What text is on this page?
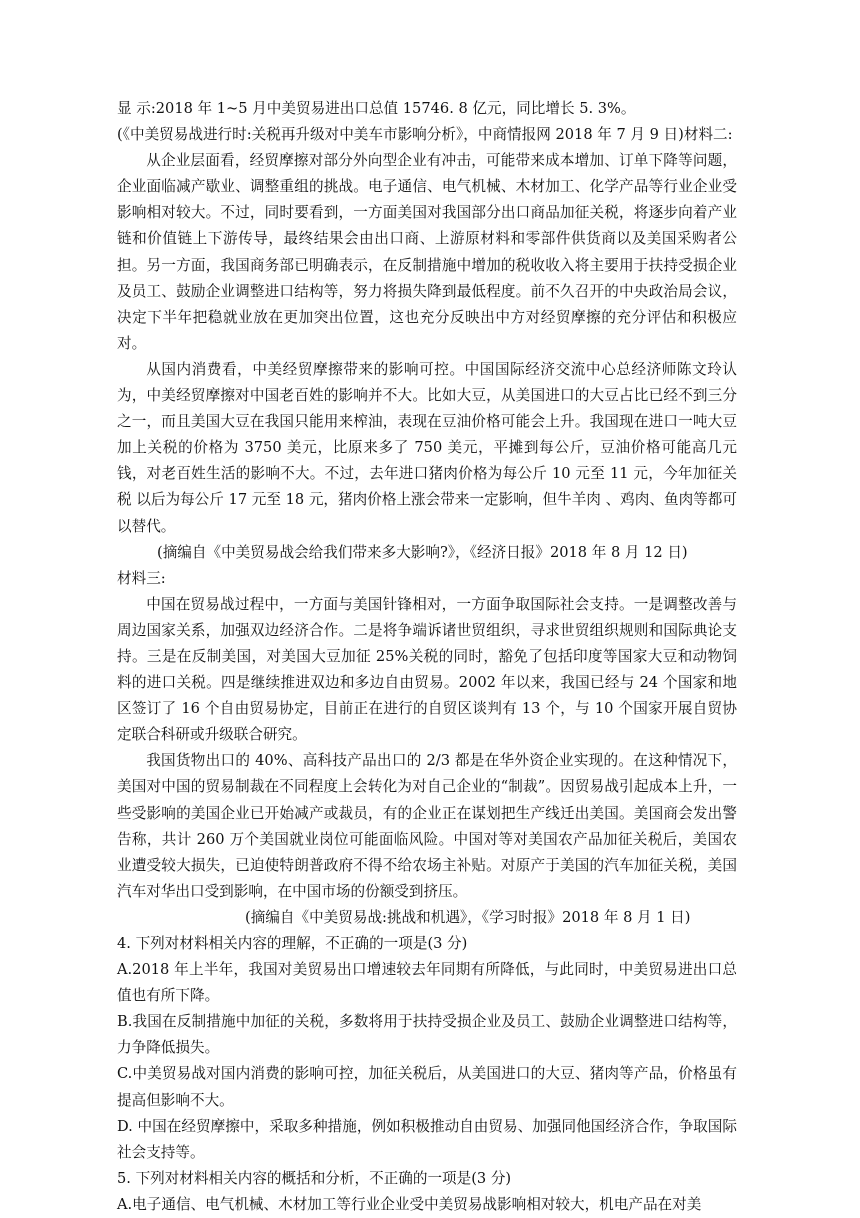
显 示:2018 年 1~5 月中美贸易进出口总值 15746. 8 亿元，同比增长 5. 3%。

(《中美贸易战进行时:关税再升级对中美车市影响分析》，中商情报网 2018 年 7 月 9 日)材料二:

从企业层面看，经贸摩擦对部分外向型企业有冲击，可能带来成本增加、订单下降等问题，企业面临减产歇业、调整重组的挑战。电子通信、电气机械、木材加工、化学产品等行业企业受影响相对较大。不过，同时要看到，一方面美国对我国部分出口商品加征关税，将逐步向着产业链和价值链上下游传导，最终结果会由出口商、上游原材料和零部件供货商以及美国采购者公担。另一方面，我国商务部已明确表示，在反制措施中增加的税收收入将主要用于扶持受损企业及员工、鼓励企业调整进口结构等，努力将损失降到最低程度。前不久召开的中央政治局会议，决定下半年把稳就业放在更加突出位置，这也充分反映出中方对经贸摩擦的充分评估和积极应对。

从国内消费看，中美经贸摩擦带来的影响可控。中国国际经济交流中心总经济师陈文玲认为，中美经贸摩擦对中国老百姓的影响并不大。比如大豆，从美国进口的大豆占比已经不到三分之一，而且美国大豆在我国只能用来榨油，表现在豆油价格可能会上升。我国现在进口一吨大豆加上关税的价格为 3750 美元，比原来多了 750 美元，平摊到每公斤，豆油价格可能高几元钱，对老百姓生活的影响不大。不过，去年进口猪肉价格为每公斤 10 元至 11 元，今年加征关税 以后为每公斤 17 元至 18 元，猪肉价格上涨会带来一定影响，但牛羊肉 、鸡肉、鱼肉等都可以替代。

(摘编自《中美贸易战会给我们带来多大影响?》，《经济日报》2018 年 8 月 12 日)

材料三:

中国在贸易战过程中，一方面与美国针锋相对，一方面争取国际社会支持。一是调整改善与周边国家关系，加强双边经济合作。二是将争端诉诸世贸组织，寻求世贸组织规则和国际典论支持。三是在反制美国，对美国大豆加征 25%关税的同时，豁免了包括印度等国家大豆和动物饲料的进口关税。四是继续推进双边和多边自由贸易。2002 年以来，我国已经与 24 个国家和地区签订了 16 个自由贸易协定，目前正在进行的自贸区谈判有 13 个，与 10 个国家开展自贸协定联合科研或升级联合研究。

我国货物出口的 40%、高科技产品出口的 2/3 都是在华外资企业实现的。在这种情况下，美国对中国的贸易制裁在不同程度上会转化为对自己企业的“制裁”。因贸易战引起成本上升，一些受影响的美国企业已开始减产或裁员，有的企业正在谋划把生产线迁出美国。美国商会发出警告称，共计 260 万个美国就业岗位可能面临风险。中国对等对美国农产品加征关税后，美国农业遭受较大损失，已迫使特朗普政府不得不给农场主补贴。对原产于美国的汽车加征关税，美国汽车对华出口受到影响，在中国市场的份额受到挤压。

(摘编自《中美贸易战:挑战和机遇》，《学习时报》2018 年 8 月 1 日)

4. 下列对材料相关内容的理解，不正确的一项是(3 分)

A.2018 年上半年，我国对美贸易出口增速较去年同期有所降低，与此同时，中美贸易进出口总值也有所下降。

B.我国在反制措施中加征的关税，多数将用于扶持受损企业及员工、鼓励企业调整进口结构等，力争降低损失。

C.中美贸易战对国内消费的影响可控，加征关税后，从美国进口的大豆、猪肉等产品，价格虽有提高但影响不大。

D. 中国在经贸摩擦中，采取多种措施，例如积极推动自由贸易、加强同他国经济合作，争取国际社会支持等。

5. 下列对材料相关内容的概括和分析，不正确的一项是(3 分)

A.电子通信、电气机械、木材加工等行业企业受中美贸易战影响相对较大，机电产品在对美
